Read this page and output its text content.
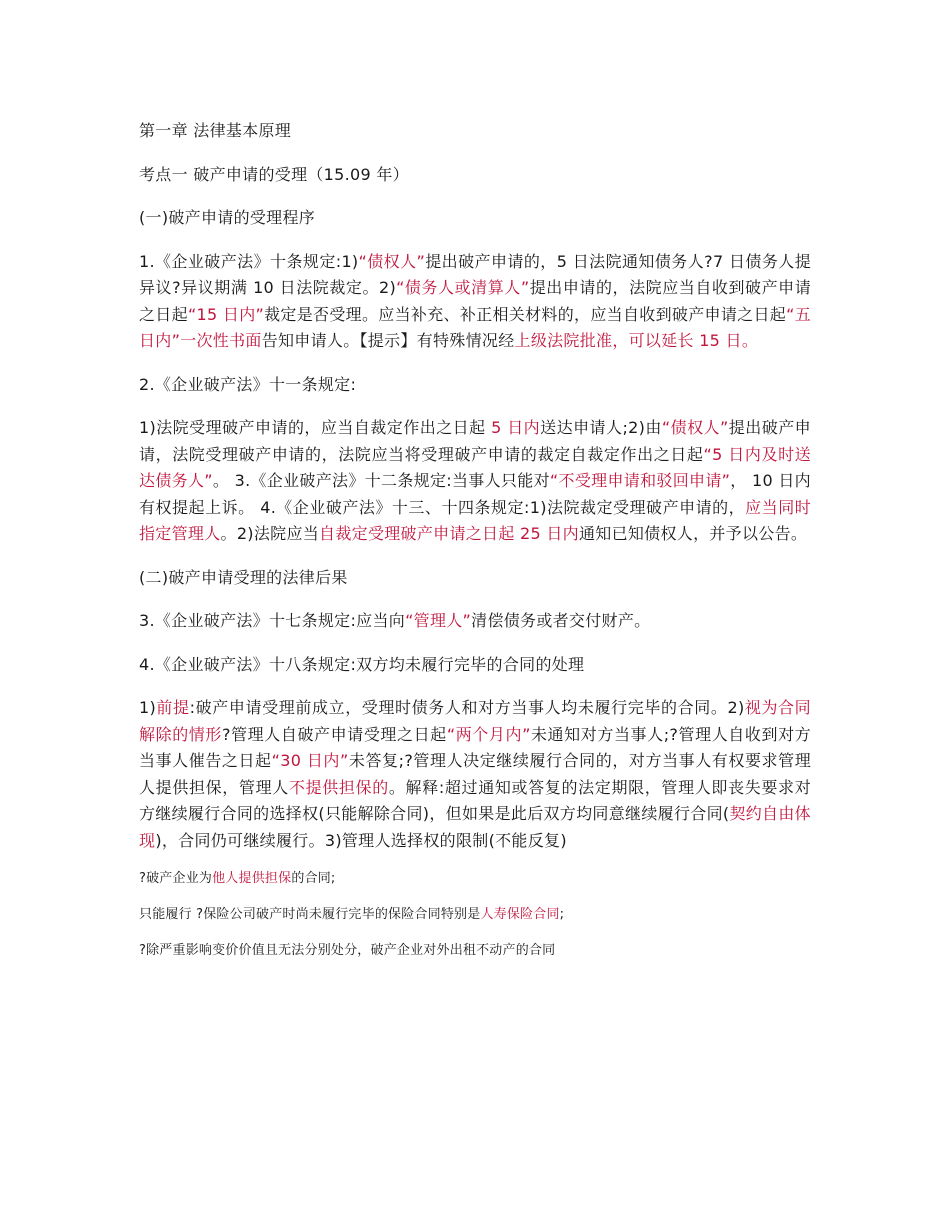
第一章 法律基本原理

考点一 破产申请的受理（15.09 年）

(一)破产申请的受理程序

1.《企业破产法》十条规定:1)“债权人”提出破产申请的，5 日法院通知债务人?7 日债务人提异议?异议期满 10 日法院裁定。2)“债务人或清算人”提出申请的，法院应当自收到破产申请之日起“15 日内”裁定是否受理。应当补充、补正相关材料的，应当自收到破产申请之日起“五日内”一次性书面告知申请人。【提示】有特殊情况经上级法院批准，可以延长 15 日。

2.《企业破产法》十一条规定:

1)法院受理破产申请的，应当自裁定作出之日起 5 日内送达申请人;2)由“债权人”提出破产申请，法院受理破产申请的，法院应当将受理破产申请的裁定自裁定作出之日起“5 日内及时送达债务人”。 3.《企业破产法》十二条规定:当事人只能对“不受理申请和驳回申请”， 10 日内有权提起上诉。 4.《企业破产法》十三、十四条规定:1)法院裁定受理破产申请的，应当同时指定管理人。2)法院应当自裁定受理破产申请之日起 25 日内通知已知债权人，并予以公告。

(二)破产申请受理的法律后果

3.《企业破产法》十七条规定:应当向“管理人”清偿债务或者交付财产。

4.《企业破产法》十八条规定:双方均未履行完毕的合同的处理

1)前提:破产申请受理前成立，受理时债务人和对方当事人均未履行完毕的合同。2)视为合同解除的情形?管理人自破产申请受理之日起“两个月内”未通知对方当事人;?管理人自收到对方当事人催告之日起“30 日内”未答复;?管理人决定继续履行合同的，对方当事人有权要求管理人提供担保，管理人不提供担保的。解释:超过通知或答复的法定期限，管理人即丧失要求对方继续履行合同的选择权(只能解除合同)，但如果是此后双方均同意继续履行合同(契约自由体现)，合同仍可继续履行。3)管理人选择权的限制(不能反复)

?破产企业为他人提供担保的合同;

只能履行 ?保险公司破产时尚未履行完毕的保险合同特别是人寿保险合同;

?除严重影响变价价值且无法分别处分，破产企业对外出租不动产的合同
